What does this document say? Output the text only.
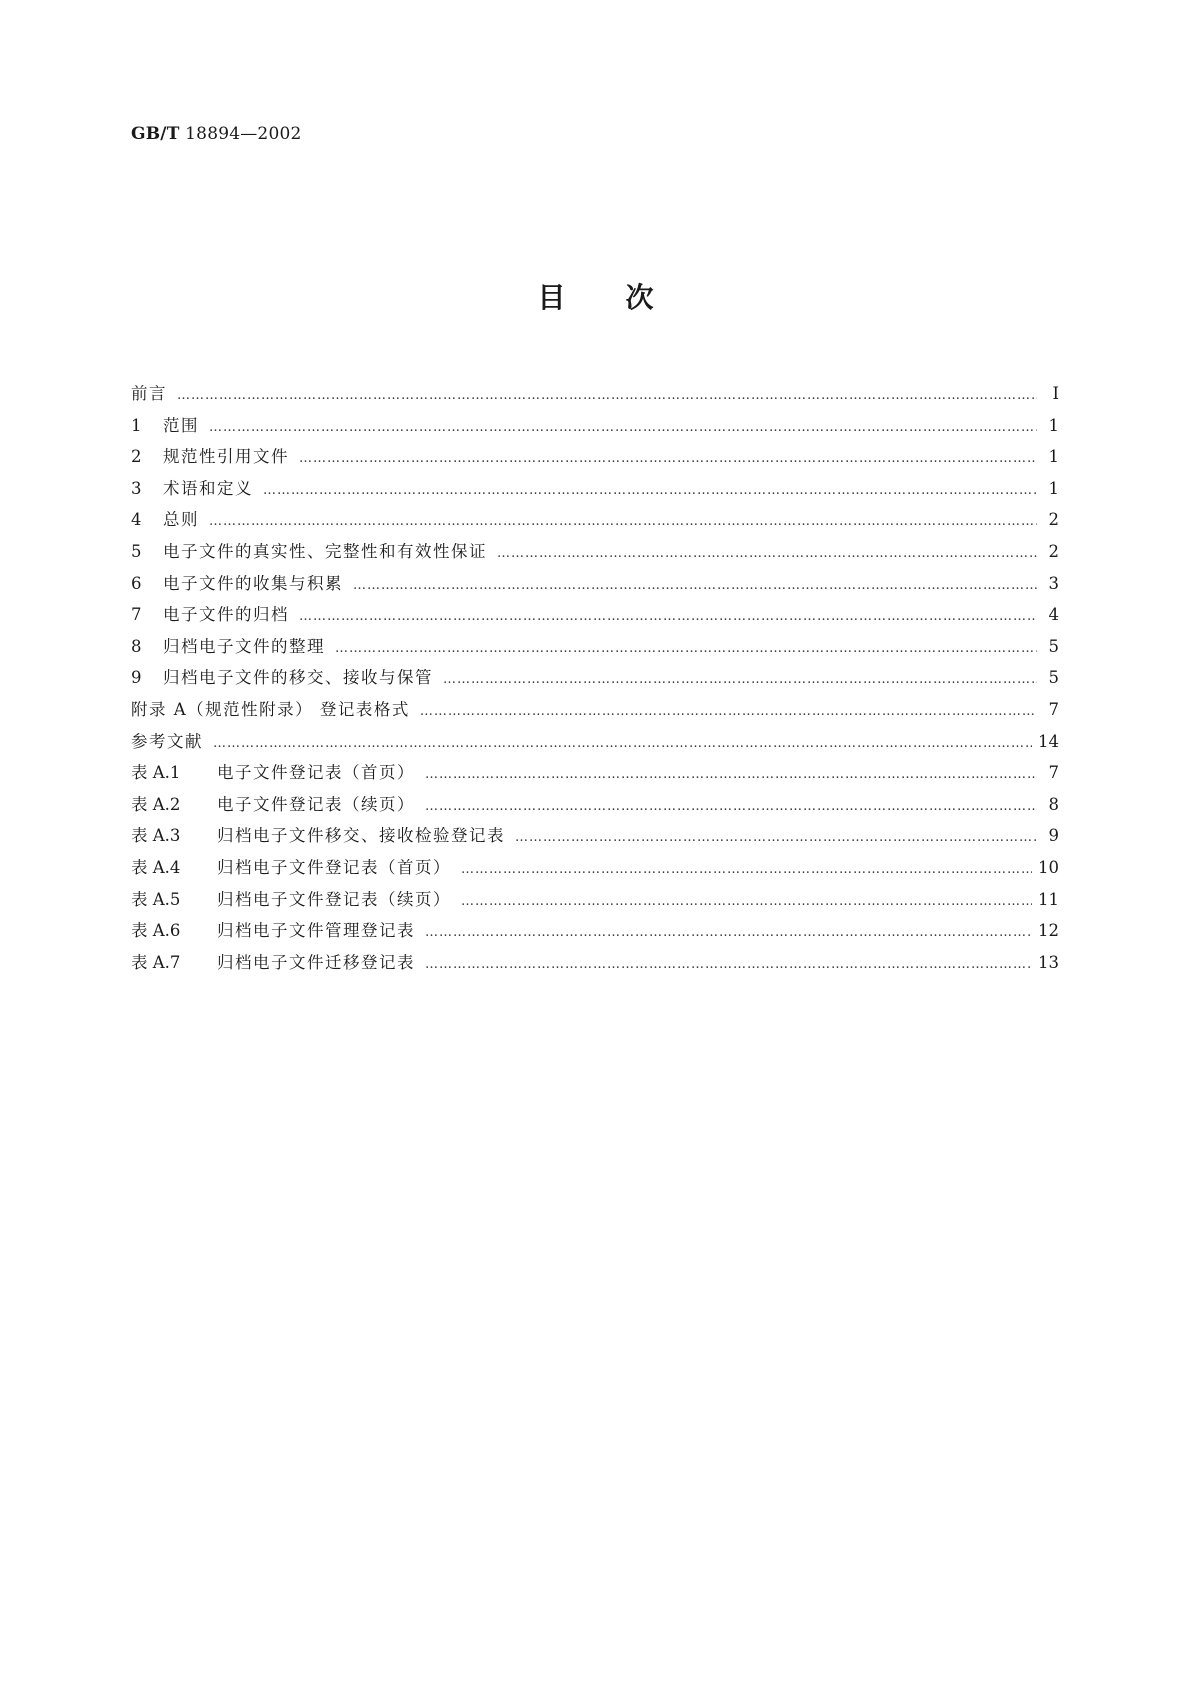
GB/T 18894—2002
目次
前言 …………………………………………………………………………………………………………………………………………………………………………………………	Ⅰ
1	范围 …………………………………………………………………………………………………………………………………………………………………………………………	1
2	规范性引用文件 …………………………………………………………………………………………………………………………………………………………………………………………	1
3	术语和定义 …………………………………………………………………………………………………………………………………………………………………………………………	1
4	总则 …………………………………………………………………………………………………………………………………………………………………………………………	2
5	电子文件的真实性、完整性和有效性保证 …………………………………………………………………………………………………………………………………………………………………………………………	2
6	电子文件的收集与积累 …………………………………………………………………………………………………………………………………………………………………………………………	3
7	电子文件的归档 …………………………………………………………………………………………………………………………………………………………………………………………	4
8	归档电子文件的整理 …………………………………………………………………………………………………………………………………………………………………………………………	5
9	归档电子文件的移交、接收与保管 …………………………………………………………………………………………………………………………………………………………………………………………	5
附录 A（规范性附录） 登记表格式 …………………………………………………………………………………………………………………………………………………………………………………………	7
参考文献 …………………………………………………………………………………………………………………………………………………………………………………………	14
表 A.1	电子文件登记表（首页） …………………………………………………………………………………………………………………………………………………………………………………………	7
表 A.2	电子文件登记表（续页） …………………………………………………………………………………………………………………………………………………………………………………………	8
表 A.3	归档电子文件移交、接收检验登记表 …………………………………………………………………………………………………………………………………………………………………………………………	9
表 A.4	归档电子文件登记表（首页） …………………………………………………………………………………………………………………………………………………………………………………………	10
表 A.5	归档电子文件登记表（续页） …………………………………………………………………………………………………………………………………………………………………………………………	11
表 A.6	归档电子文件管理登记表 …………………………………………………………………………………………………………………………………………………………………………………………	12
表 A.7	归档电子文件迁移登记表 …………………………………………………………………………………………………………………………………………………………………………………………	13
